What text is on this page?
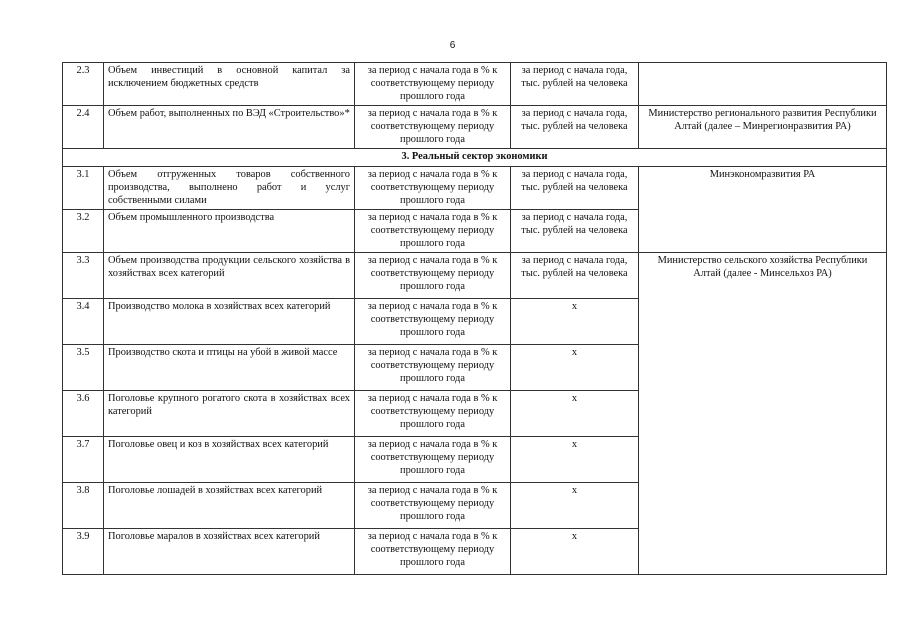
6
2.3	Объем инвестиций в основной капитал за исключением бюджетных средств	за период с начала года в % к соответствующему периоду прошлого года	за период с начала года, тыс. рублей на человека	
2.4	Объем работ, выполненных по ВЭД «Строительство»*	за период с начала года в % к соответствующему периоду прошлого года	за период с начала года, тыс. рублей на человека	Министерство регионального развития Республики Алтай (далее – Минрегионразвития РА)
3. Реальный сектор экономики				
3.1	Объем отгруженных товаров собственного производства, выполнено работ и услуг собственными силами	за период с начала года в % к соответствующему периоду прошлого года	за период с начала года, тыс. рублей на человека	Минэкономразвития РА
3.2	Объем промышленного производства	за период с начала года в % к соответствующему периоду прошлого года	за период с начала года, тыс. рублей на человека	
3.3	Объем производства продукции сельского хозяйства в хозяйствах всех категорий	за период с начала года в % к соответствующему периоду прошлого года	за период с начала года, тыс. рублей на человека	Министерство сельского хозяйства Республики Алтай (далее - Минсельхоз РА)
3.4	Производство молока в хозяйствах всех категорий	за период с начала года в % к соответствующему периоду прошлого года	x	
3.5	Производство скота и птицы на убой в живой массе	за период с начала года в % к соответствующему периоду прошлого года	x	
3.6	Поголовье крупного рогатого скота в хозяйствах всех категорий	за период с начала года в % к соответствующему периоду прошлого года	x	
3.7	Поголовье овец и коз в хозяйствах всех категорий	за период с начала года в % к соответствующему периоду прошлого года	x	
3.8	Поголовье лошадей в хозяйствах всех категорий	за период с начала года в % к соответствующему периоду прошлого года	x	
3.9	Поголовье маралов в хозяйствах всех категорий	за период с начала года в % к соответствующему периоду прошлого года	x	
